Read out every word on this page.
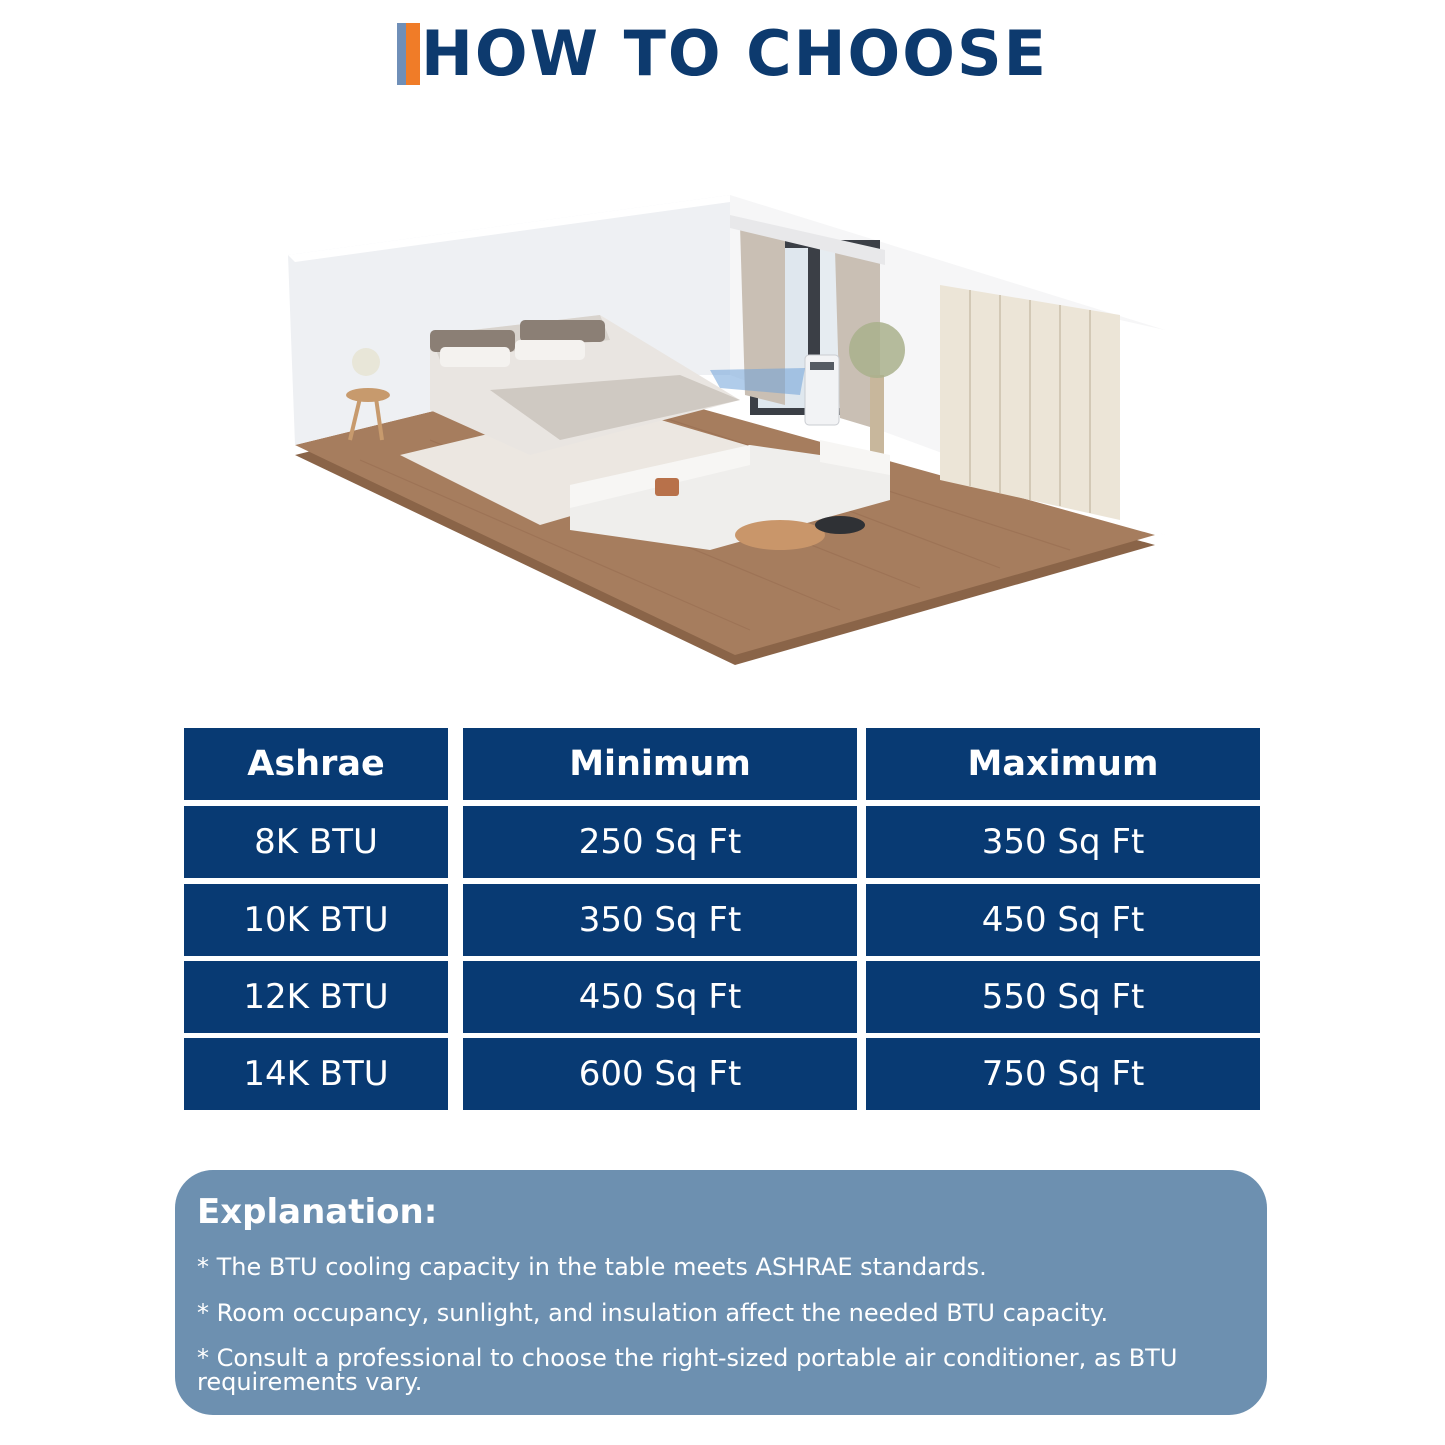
HOW TO CHOOSE
Ashrae	Minimum	Maximum
8K BTU	250 Sq Ft	350 Sq Ft
10K BTU	350 Sq Ft	450 Sq Ft
12K BTU	450 Sq Ft	550 Sq Ft
14K BTU	600 Sq Ft	750 Sq Ft
Explanation:
* The BTU cooling capacity in the table meets ASHRAE standards.
* Room occupancy, sunlight, and insulation affect the needed BTU capacity.
* Consult a professional to choose the right-sized portable air conditioner, as BTU requirements vary.
